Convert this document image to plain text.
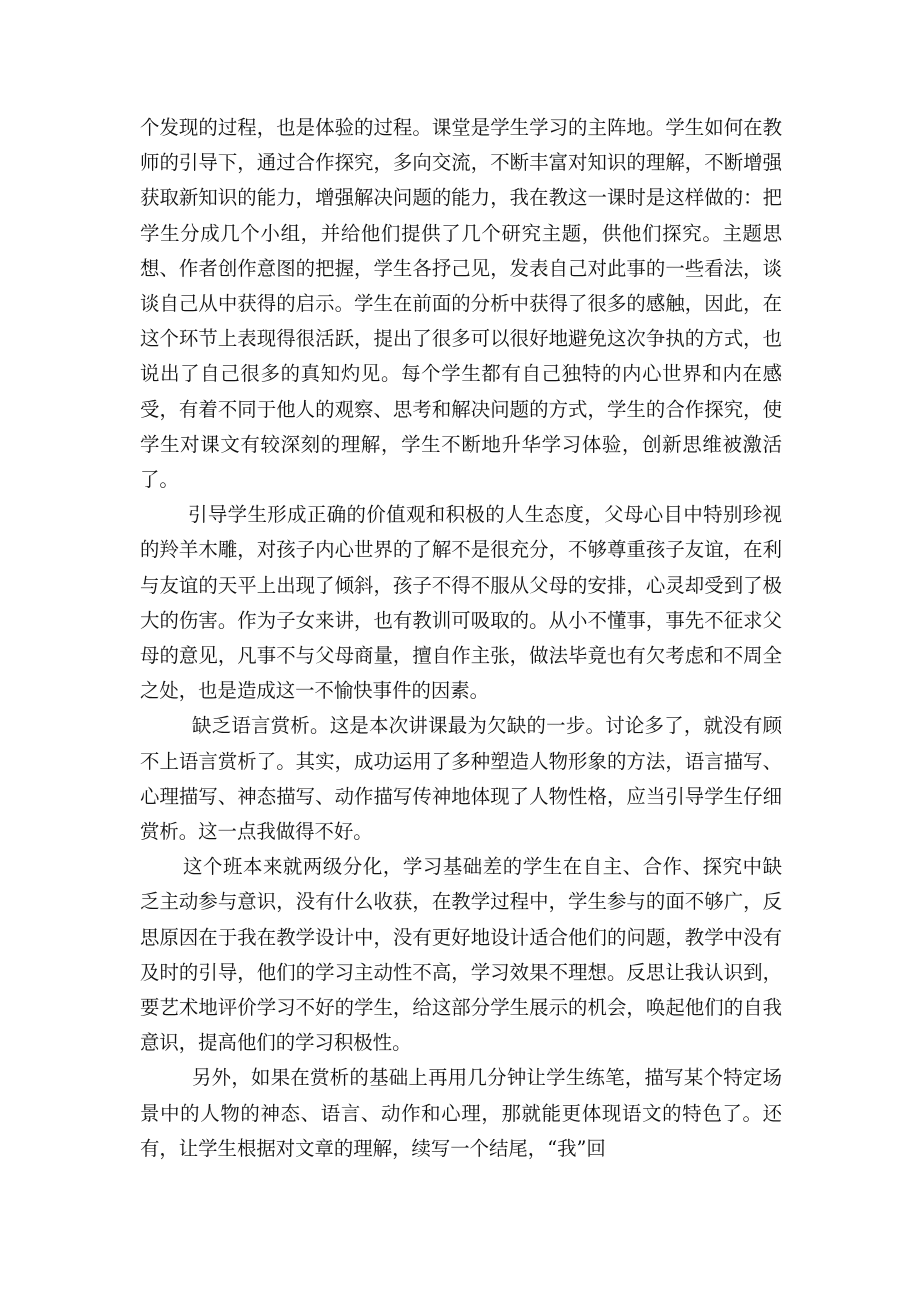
个发现的过程，也是体验的过程。课堂是学生学习的主阵地。学生如何在教师的引导下，通过合作探究，多向交流，不断丰富对知识的理解，不断增强获取新知识的能力，增强解决问题的能力，我在教这一课时是这样做的：把学生分成几个小组，并给他们提供了几个研究主题，供他们探究。主题思想、作者创作意图的把握，学生各抒己见，发表自己对此事的一些看法，谈谈自己从中获得的启示。学生在前面的分析中获得了很多的感触，因此，在这个环节上表现得很活跃，提出了很多可以很好地避免这次争执的方式，也说出了自己很多的真知灼见。每个学生都有自己独特的内心世界和内在感受，有着不同于他人的观察、思考和解决问题的方式，学生的合作探究，使学生对课文有较深刻的理解，学生不断地升华学习体验，创新思维被激活了。

引导学生形成正确的价值观和积极的人生态度，父母心目中特别珍视的羚羊木雕，对孩子内心世界的了解不是很充分，不够尊重孩子友谊，在利与友谊的天平上出现了倾斜，孩子不得不服从父母的安排，心灵却受到了极大的伤害。作为子女来讲，也有教训可吸取的。从小不懂事，事先不征求父母的意见，凡事不与父母商量，擅自作主张，做法毕竟也有欠考虑和不周全之处，也是造成这一不愉快事件的因素。

缺乏语言赏析。这是本次讲课最为欠缺的一步。讨论多了，就没有顾不上语言赏析了。其实，成功运用了多种塑造人物形象的方法，语言描写、心理描写、神态描写、动作描写传神地体现了人物性格，应当引导学生仔细赏析。这一点我做得不好。

这个班本来就两级分化，学习基础差的学生在自主、合作、探究中缺乏主动参与意识，没有什么收获，在教学过程中，学生参与的面不够广，反思原因在于我在教学设计中，没有更好地设计适合他们的问题，教学中没有及时的引导，他们的学习主动性不高，学习效果不理想。反思让我认识到，要艺术地评价学习不好的学生，给这部分学生展示的机会，唤起他们的自我意识，提高他们的学习积极性。

另外，如果在赏析的基础上再用几分钟让学生练笔，描写某个特定场景中的人物的神态、语言、动作和心理，那就能更体现语文的特色了。还有，让学生根据对文章的理解，续写一个结尾，“我”回
